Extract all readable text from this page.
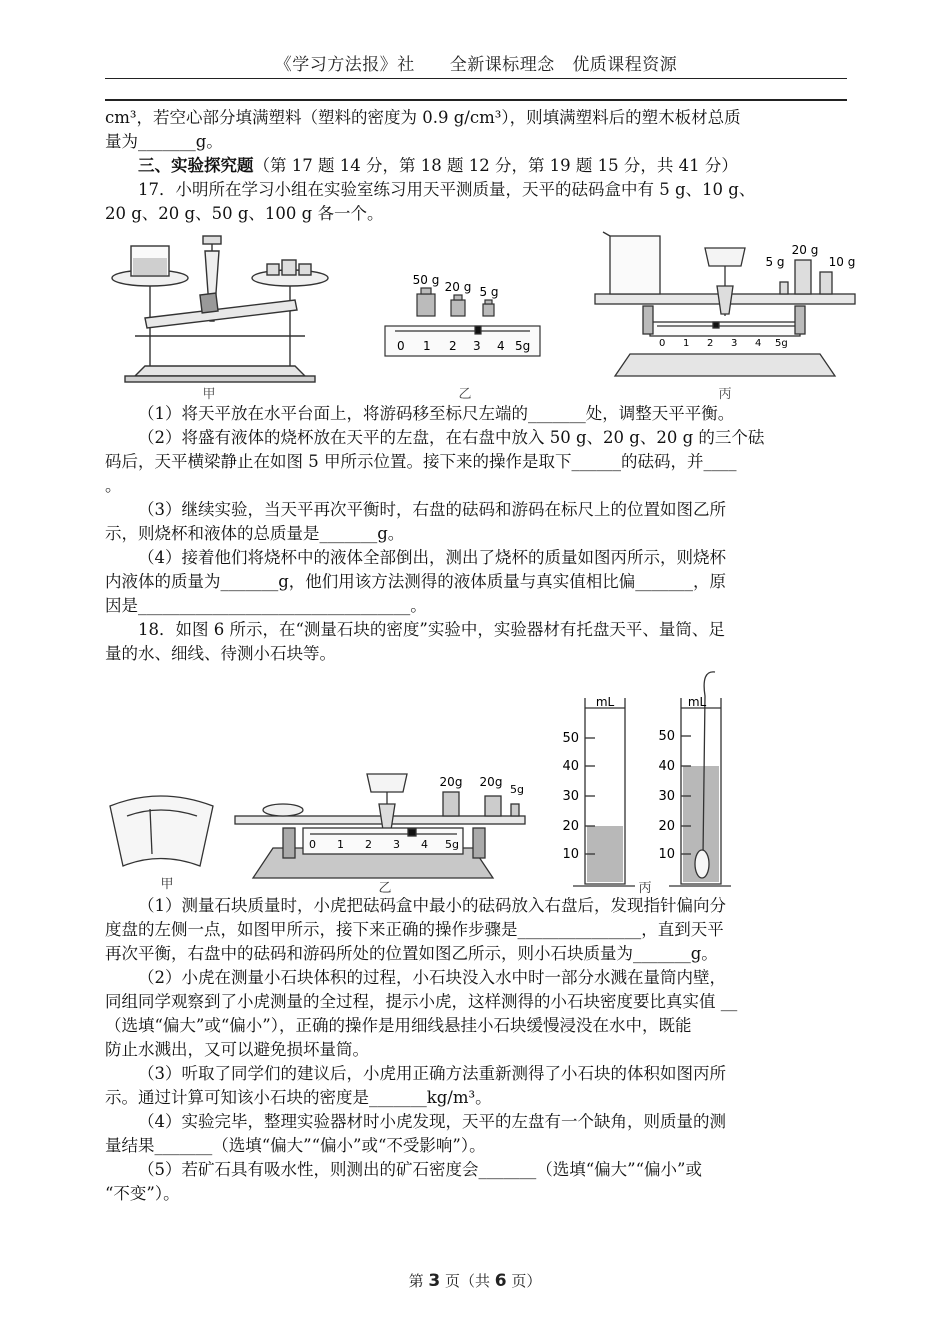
《学习方法报》社　　全新课标理念　优质课程资源

cm³，若空心部分填满塑料（塑料的密度为 0.9 g/cm³），则填满塑料后的塑木板材总质

量为_______g。

三、实验探究题（第 17 题 14 分，第 18 题 12 分，第 19 题 15 分，共 41 分）

17．小明所在学习小组在实验室练习用天平测质量，天平的砝码盒中有 5 g、10 g、

20 g、20 g、50 g、100 g 各一个。

甲
50 g 20 g 5 g
0 1 2 3 4 5g
乙
20 g
10 g
5 g
0 1 2 3 4 5g
丙

（1）将天平放在水平台面上，将游码移至标尺左端的_______处，调整天平平衡。

（2）将盛有液体的烧杯放在天平的左盘，在右盘中放入 50 g、20 g、20 g 的三个砝

码后，天平横梁静止在如图 5 甲所示位置。接下来的操作是取下______的砝码，并____

。

（3）继续实验，当天平再次平衡时，右盘的砝码和游码在标尺上的位置如图乙所

示，则烧杯和液体的总质量是_______g。

（4）接着他们将烧杯中的液体全部倒出，测出了烧杯的质量如图丙所示，则烧杯

内液体的质量为_______g，他们用该方法测得的液体质量与真实值相比偏_______，原

因是_________________________________。

18．如图 6 所示，在“测量石块的密度”实验中，实验器材有托盘天平、量筒、足

量的水、细线、待测小石块等。

甲
20g 20g
5g
0 1 2 3 4 5g
乙
mL
50
40
30
20
10
mL
50
40
30
20
10
丙

（1）测量石块质量时，小虎把砝码盒中最小的砝码放入右盘后，发现指针偏向分

度盘的左侧一点，如图甲所示，接下来正确的操作步骤是_______________，直到天平

再次平衡，右盘中的砝码和游码所处的位置如图乙所示，则小石块质量为_______g。

（2）小虎在测量小石块体积的过程，小石块没入水中时一部分水溅在量筒内壁，

同组同学观察到了小虎测量的全过程，提示小虎，这样测得的小石块密度要比真实值 __

（选填“偏大”或“偏小”），正确的操作是用细线悬挂小石块缓慢浸没在水中，既能

防止水溅出，又可以避免损坏量筒。

（3）听取了同学们的建议后，小虎用正确方法重新测得了小石块的体积如图丙所

示。通过计算可知该小石块的密度是_______kg/m³。

（4）实验完毕，整理实验器材时小虎发现，天平的左盘有一个缺角，则质量的测

量结果_______（选填“偏大”“偏小”或“不受影响”）。

（5）若矿石具有吸水性，则测出的矿石密度会_______（选填“偏大”“偏小”或

“不变”）。

第 3 页（共 6 页）
